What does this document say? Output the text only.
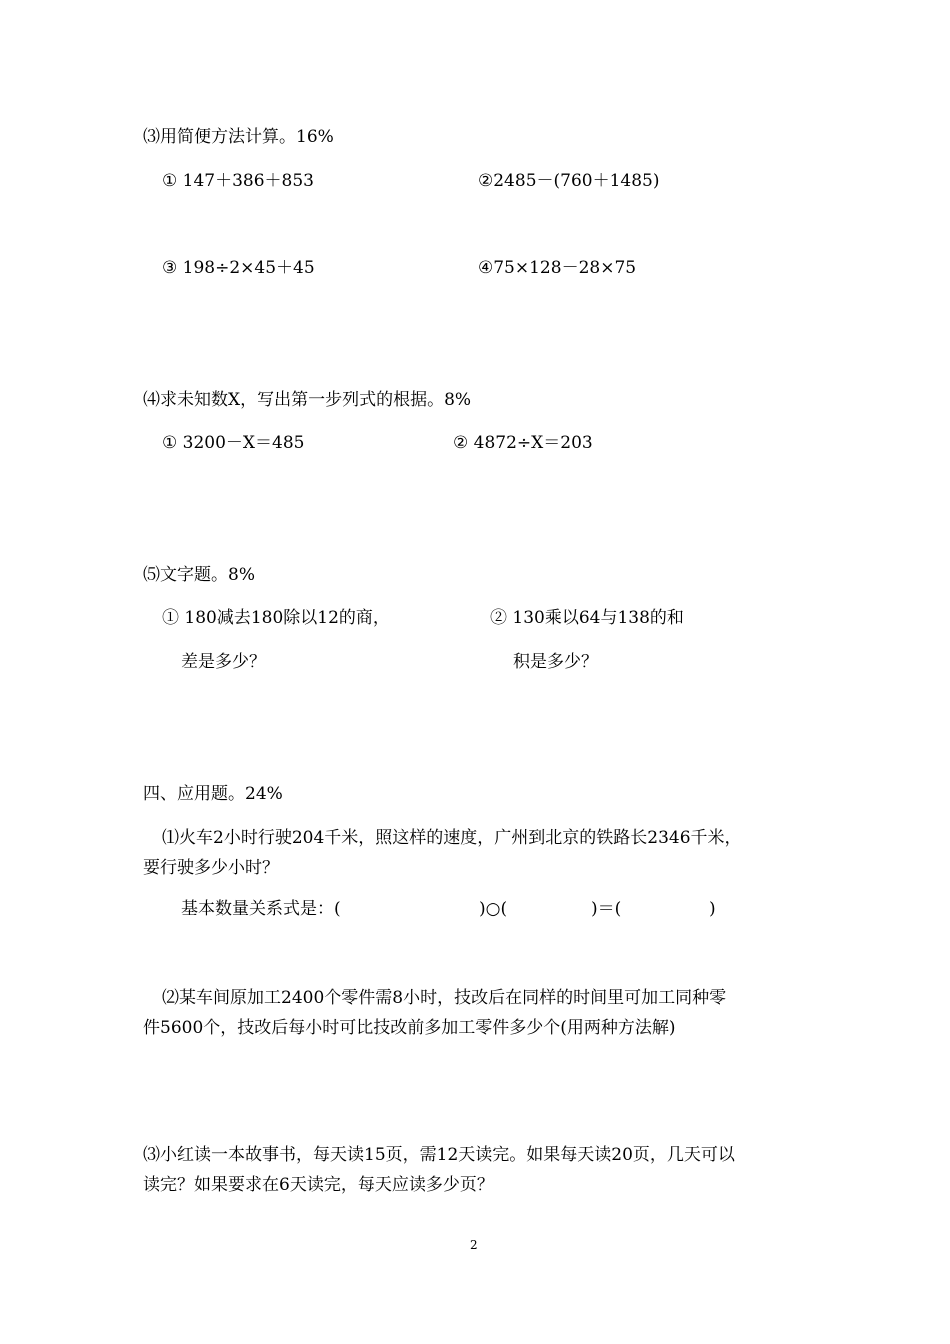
⑶用简便方法计算。16%
① 147＋386＋853	②2485－(760＋1485)
③ 198÷2×45＋45	④75×128－28×75
⑷求未知数X，写出第一步列式的根据。8%
① 3200－X＝485	② 4872÷X＝203
⑸文字题。8%
① 180减去180除以12的商，
差是多少？
② 130乘以64与138的和
积是多少？
四、应用题。24%
⑴火车2小时行驶204千米，照这样的速度，广州到北京的铁路长2346千米，
要行驶多少小时？
基本数量关系式是：(	)○(	)＝(	)
⑵某车间原加工2400个零件需8小时，技改后在同样的时间里可加工同种零
件5600个，技改后每小时可比技改前多加工零件多少个(用两种方法解)
⑶小红读一本故事书，每天读15页，需12天读完。如果每天读20页，几天可以
读完？如果要求在6天读完，每天应读多少页？
2
